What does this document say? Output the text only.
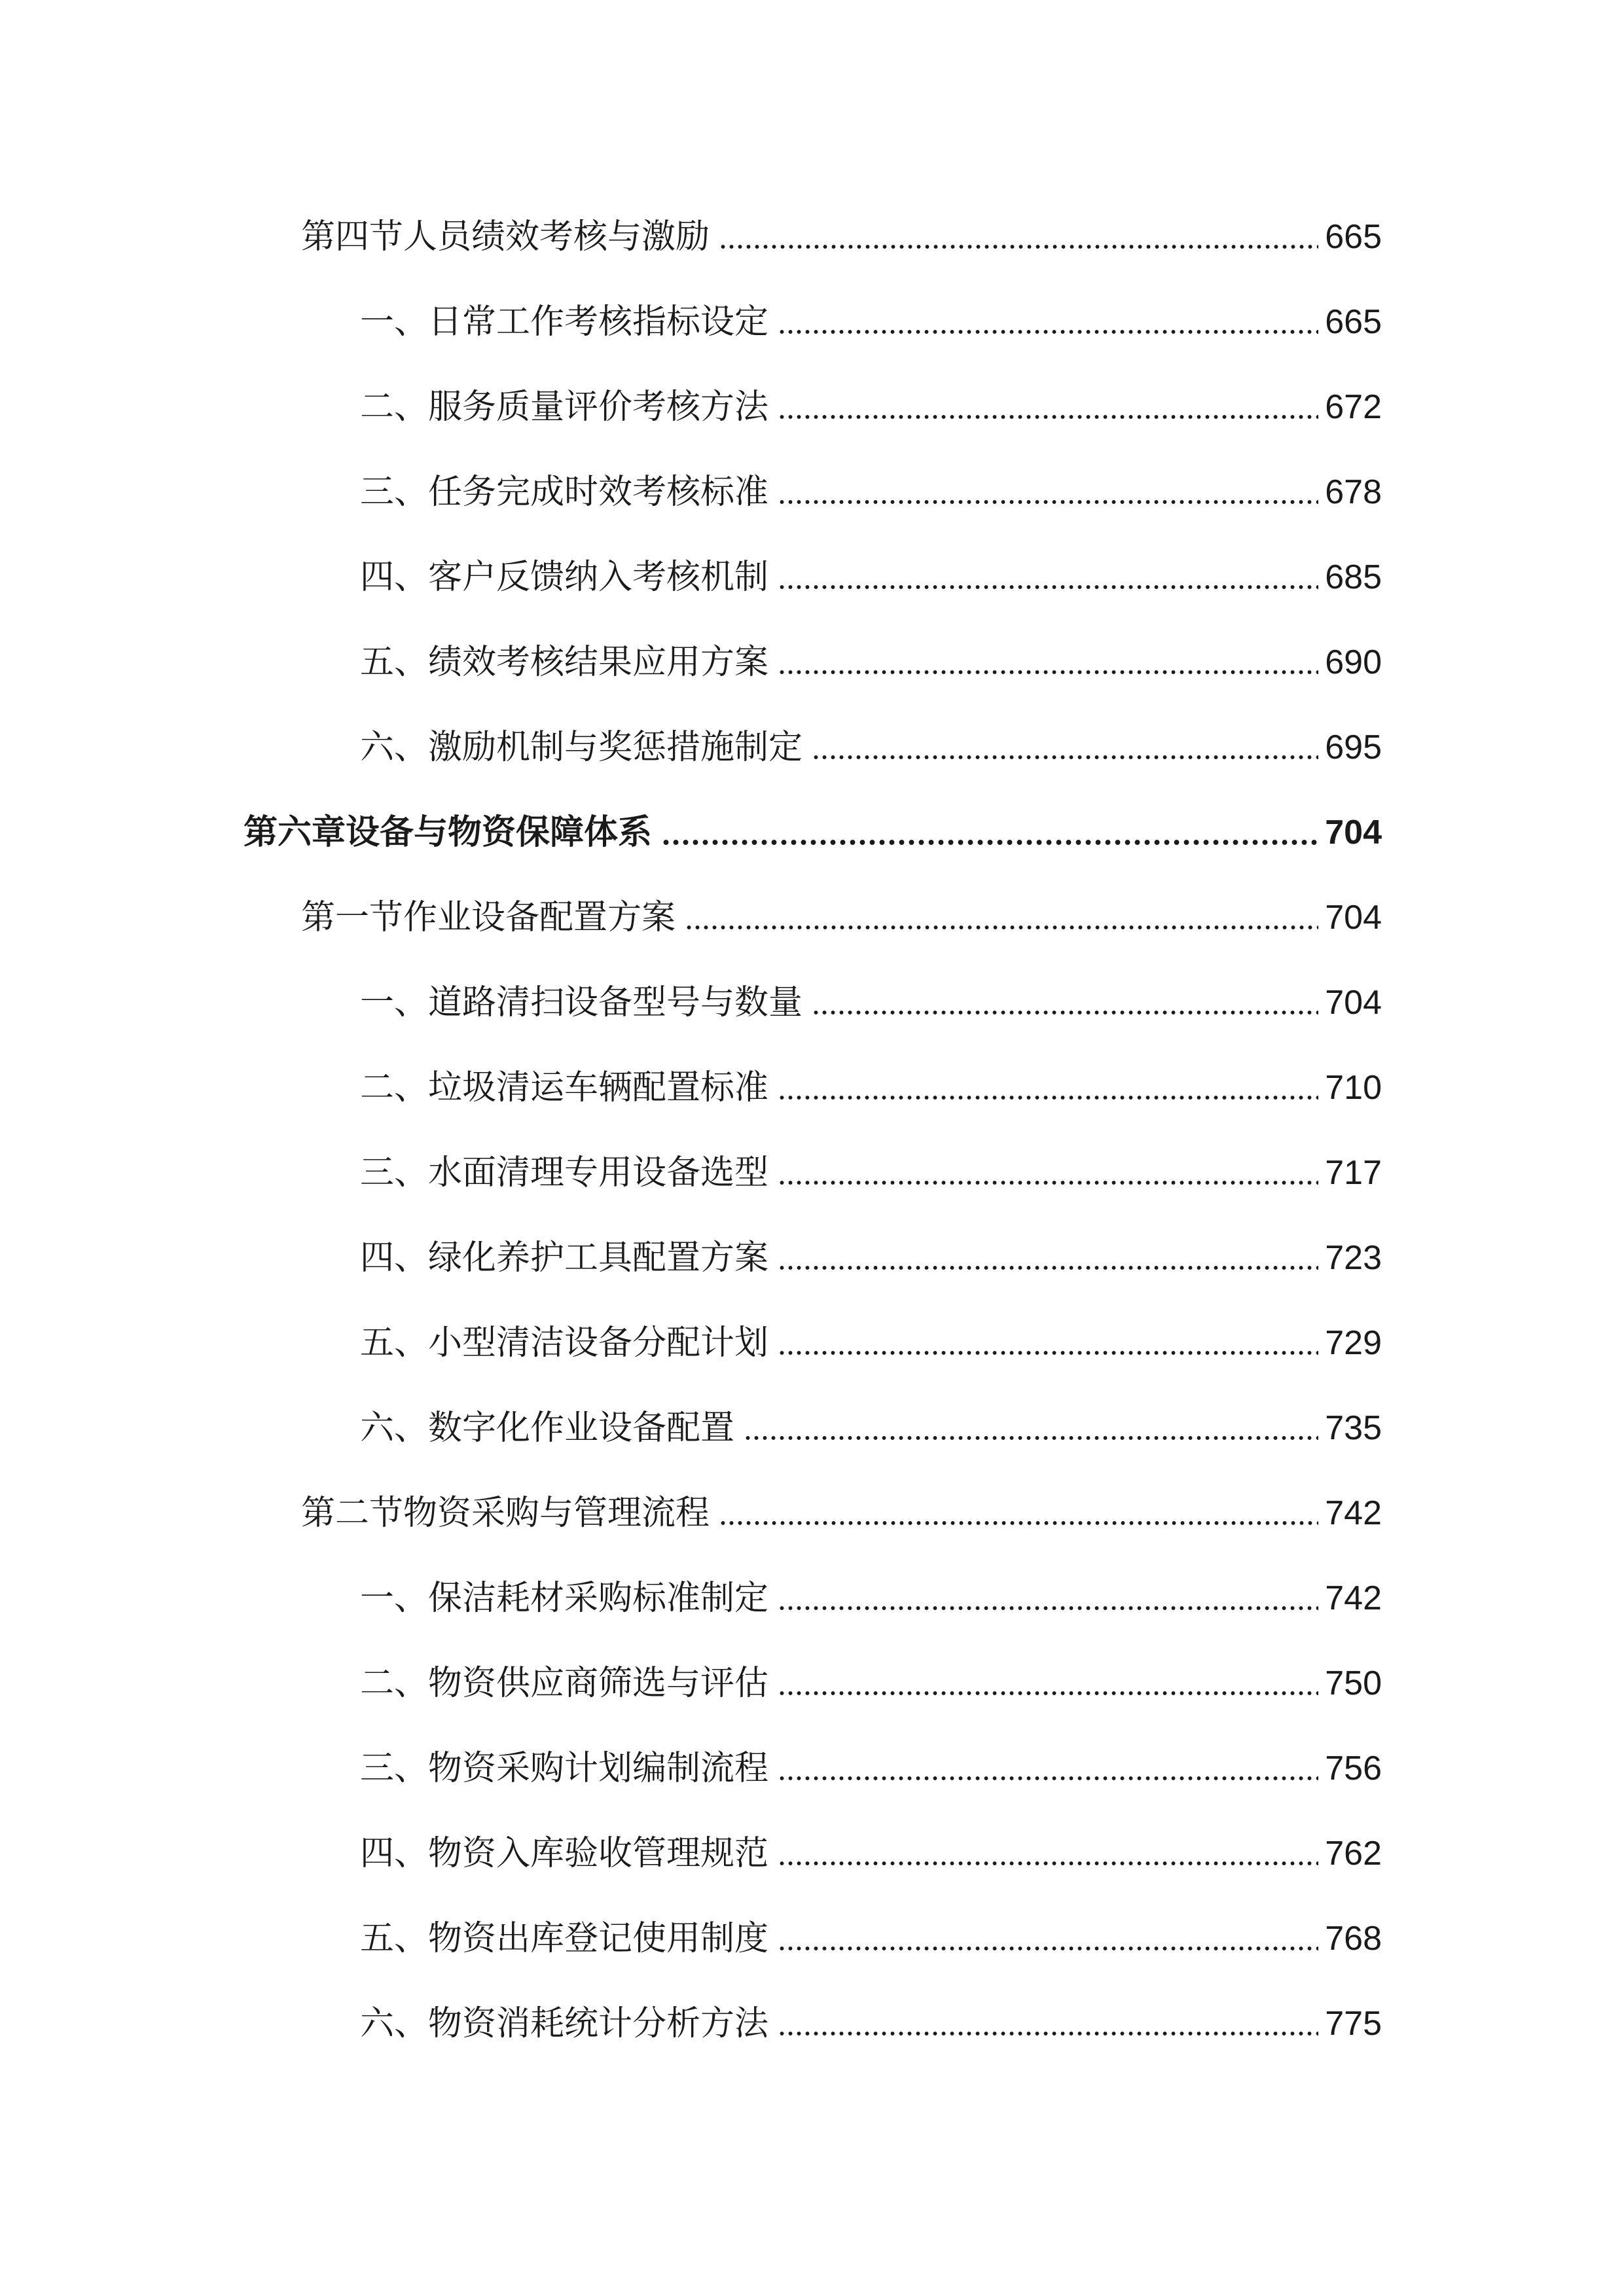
第四节人员绩效考核与激励	665
一、日常工作考核指标设定	665
二、服务质量评价考核方法	672
三、任务完成时效考核标准	678
四、客户反馈纳入考核机制	685
五、绩效考核结果应用方案	690
六、激励机制与奖惩措施制定	695
第六章设备与物资保障体系	704
第一节作业设备配置方案	704
一、道路清扫设备型号与数量	704
二、垃圾清运车辆配置标准	710
三、水面清理专用设备选型	717
四、绿化养护工具配置方案	723
五、小型清洁设备分配计划	729
六、数字化作业设备配置	735
第二节物资采购与管理流程	742
一、保洁耗材采购标准制定	742
二、物资供应商筛选与评估	750
三、物资采购计划编制流程	756
四、物资入库验收管理规范	762
五、物资出库登记使用制度	768
六、物资消耗统计分析方法	775
